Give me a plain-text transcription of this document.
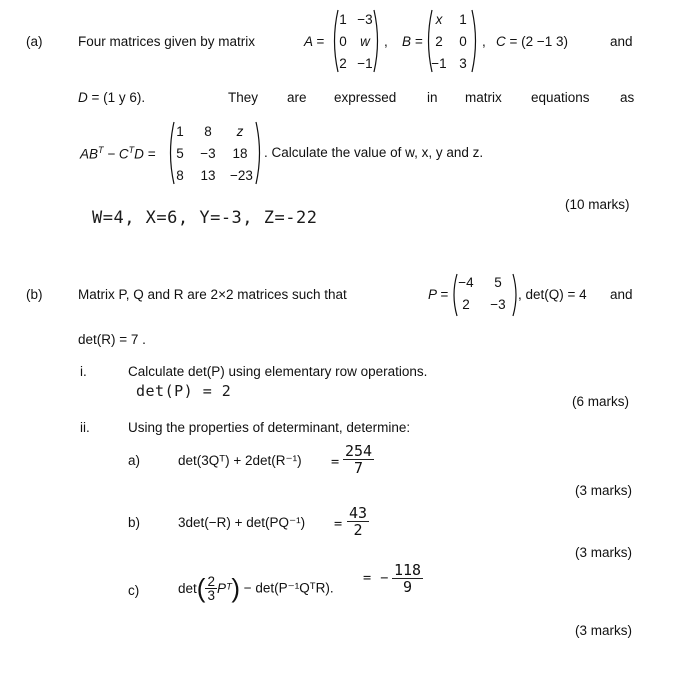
(a)	Four matrices given by matrix	A =
1 −3
0 w
2 −1
, B =
x	1
2	0
−1 3
, C = (2 −1 3)	and
D = (1 y 6).	They are expressed in matrix equations as
$AB^T - C^TD$ =
1	8	z
5	−3 18
8	13 −23
. Calculate the value of w, x, y and z.
(10 marks)
W=4, X=6, Y=-3, Z=-22
(b)	Matrix P, Q and R are 2×2 matrices such that	P =
−4	5
2	−3
, det(Q) = 4 and
det(R) = 7 .
i.	Calculate det(P) using elementary row operations.
det(P) = 2
(6 marks)
ii.	Using the properties of determinant, determine:
a)	det(3Qᵀ) + 2det(R⁻¹) =
254
7
(3 marks)
b)	3det(−R) + det(PQ⁻¹) =
43
2
(3 marks)
c)	$\det( \frac{2}{3}$ Pᵀ) − det(P⁻¹QᵀR).
= − 118
9
(3 marks)
